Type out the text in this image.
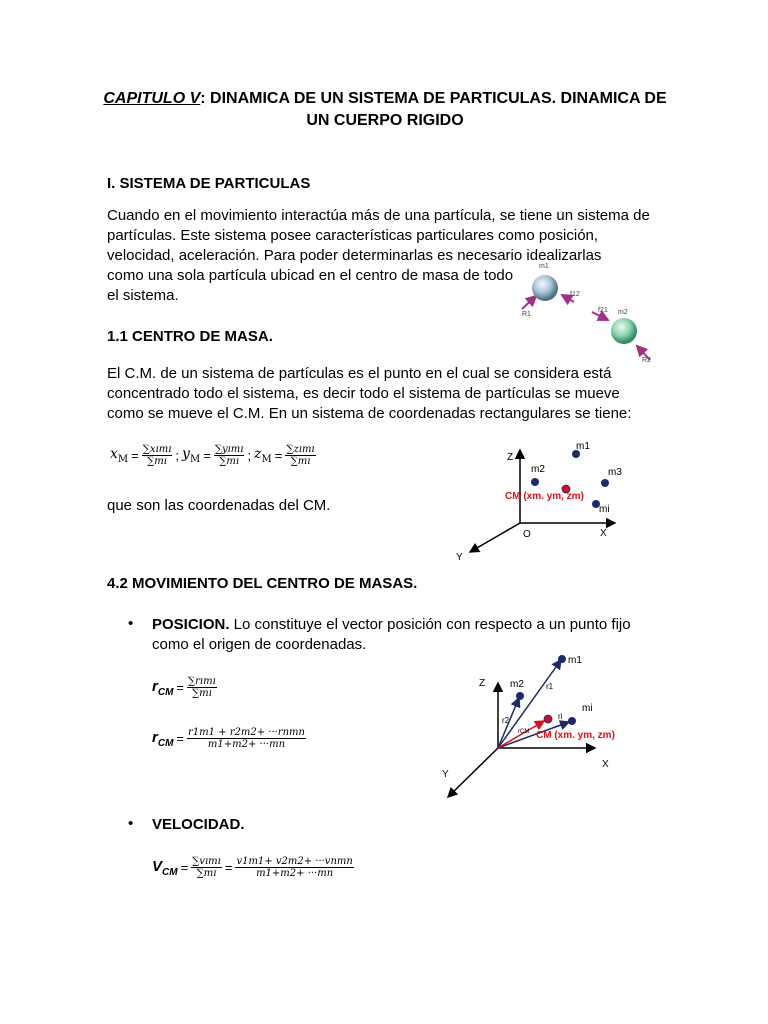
CAPITULO V: DINAMICA DE UN SISTEMA DE PARTICULAS. DINAMICA DE
UN CUERPO RIGIDO
I. SISTEMA DE PARTICULAS
Cuando en el movimiento interactúa más de una partícula, se tiene un sistema de
partículas. Este sistema posee características particulares como posición,
velocidad, aceleración. Para poder determinarlas es necesario idealizarlas
como una sola partícula ubicad en el centro de masa de todo
el sistema.
m1
m2
f12
f21
R1
R2
1.1 CENTRO DE MASA.
El C.M. de un sistema de partículas es el punto en el cual se considera está
concentrado todo el sistema, es decir todo el sistema de partículas se mueve
como se mueve el C.M. En un sistema de coordenadas rectangulares se tiene:
$x_M = \frac{\text{∑xımı}}{\sum mı}$ ; $y_M = \frac{\text{∑yımı}}{\sum mı}$ ; $z_M = \frac{\text{∑zımı}}{\sum mı}$
que son las coordenadas del CM.
Z
X
Y
O
m1
m2	m3
mi
CM (xm. ym, zm)
4.2 MOVIMIENTO DEL CENTRO DE MASAS.
• POSICION. Lo constituye el vector posición con respecto a un punto fijo
como el origen de coordenadas.
$r_{CM} = \frac{\text{∑rımı}}{\sum mı}$
$r_{CM} = \frac{\text{r1m1 + r2m2+ ···rnmn}}{m1+m2+ \cdot\cdot\cdot mn}$
Z
X
Y
m1
r1
m2
r2
mi
ri
rCM CM (xm. ym, zm)
• VELOCIDAD.
$V_{CM} = \frac{\text{∑vımı}}{\sum mı} = \frac{\text{v1m1+ v2m2+ ···vnmn}}{m1+m2+ \cdot\cdot\cdot mn}$
